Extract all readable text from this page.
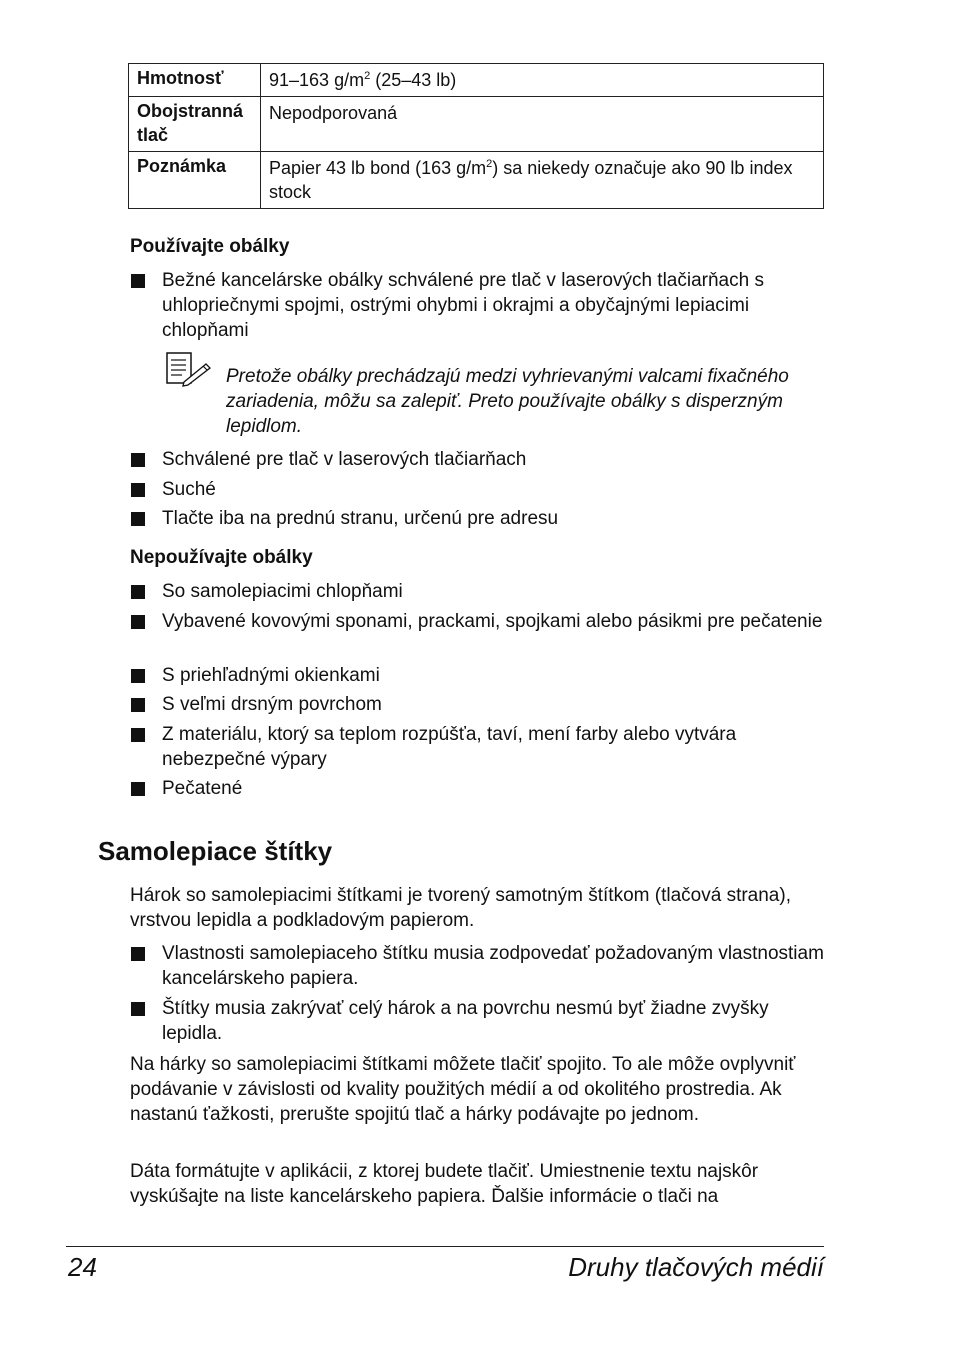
Hmotnosť	91–163 $g/m^2$ (25–43 lb)
Obojstranná tlač	Nepodporovaná
Poznámka	Papier 43 lb bond (163 $g/m^2$) sa niekedy označuje ako 90 lb index stock
Používajte obálky
Bežné kancelárske obálky schválené pre tlač v laserových tlačiarňach s uhlopriečnymi spojmi, ostrými ohybmi i okrajmi a obyčajnými lepiacimi chlopňami
Pretože obálky prechádzajú medzi vyhrievanými valcami fixačného zariadenia, môžu sa zalepiť. Preto používajte obálky s disperzným lepidlom.
Schválené pre tlač v laserových tlačiarňach
Suché
Tlačte iba na prednú stranu, určenú pre adresu
Nepoužívajte obálky
So samolepiacimi chlopňami
Vybavené kovovými sponami, prackami, spojkami alebo pásikmi pre pečatenie
S priehľadnými okienkami
S veľmi drsným povrchom
Z materiálu, ktorý sa teplom rozpúšťa, taví, mení farby alebo vytvára nebezpečné výpary
Pečatené
Samolepiace štítky
Hárok so samolepiacimi štítkami je tvorený samotným štítkom (tlačová strana), vrstvou lepidla a podkladovým papierom.
Vlastnosti samolepiaceho štítku musia zodpovedať požadovaným vlastnostiam kancelárskeho papiera.
Štítky musia zakrývať celý hárok a na povrchu nesmú byť žiadne zvyšky lepidla.
Na hárky so samolepiacimi štítkami môžete tlačiť spojito. To ale môže ovplyvniť podávanie v závislosti od kvality použitých médií a od okolitého prostredia. Ak nastanú ťažkosti, prerušte spojitú tlač a hárky podávajte po jednom.
Dáta formátujte v aplikácii, z ktorej budete tlačiť. Umiestnenie textu najskôr vyskúšajte na liste kancelárskeho papiera. Ďalšie informácie o tlači na
24	Druhy tlačových médií
